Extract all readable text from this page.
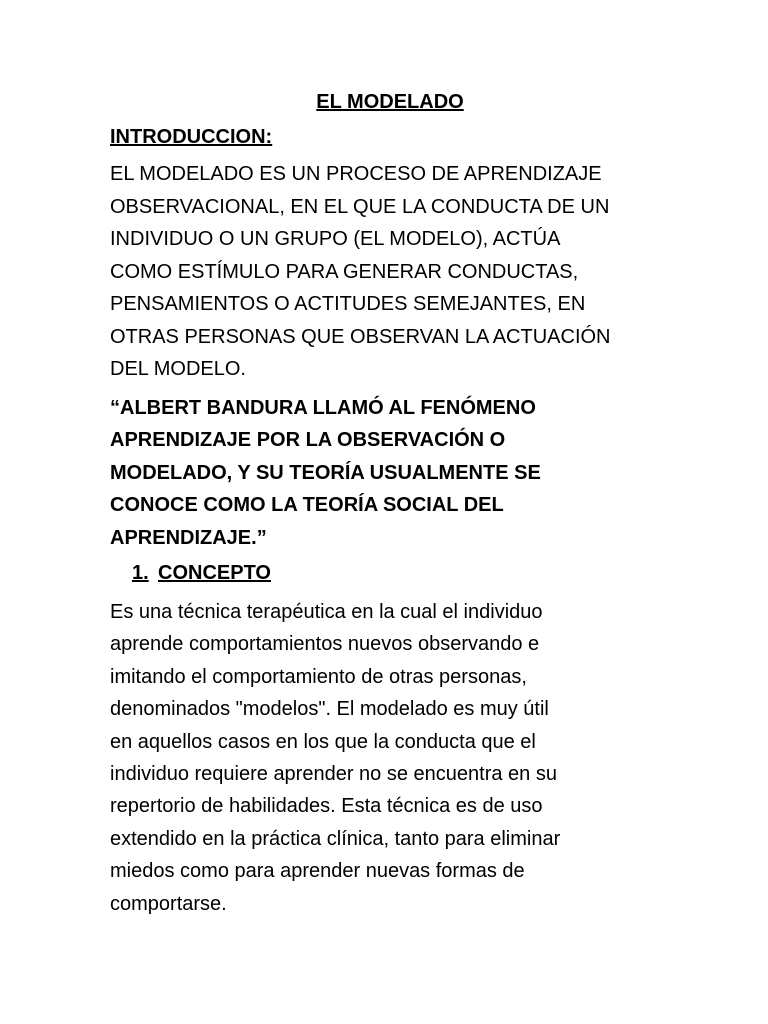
EL MODELADO
INTRODUCCION:

EL MODELADO ES UN PROCESO DE APRENDIZAJE
OBSERVACIONAL, EN EL QUE LA CONDUCTA DE UN
INDIVIDUO O UN GRUPO (EL MODELO), ACTÚA
COMO ESTÍMULO PARA GENERAR CONDUCTAS,
PENSAMIENTOS O ACTITUDES SEMEJANTES, EN
OTRAS PERSONAS QUE OBSERVAN LA ACTUACIÓN
DEL MODELO.

“ALBERT BANDURA LLAMÓ AL FENÓMENO
APRENDIZAJE POR LA OBSERVACIÓN O
MODELADO, Y SU TEORÍA USUALMENTE SE
CONOCE COMO LA TEORÍA SOCIAL DEL
APRENDIZAJE.”

1. CONCEPTO

Es una técnica terapéutica en la cual el individuo
aprende comportamientos nuevos observando e
imitando el comportamiento de otras personas,
denominados "modelos". El modelado es muy útil
en aquellos casos en los que la conducta que el
individuo requiere aprender no se encuentra en su
repertorio de habilidades. Esta técnica es de uso
extendido en la práctica clínica, tanto para eliminar
miedos como para aprender nuevas formas de
comportarse.
